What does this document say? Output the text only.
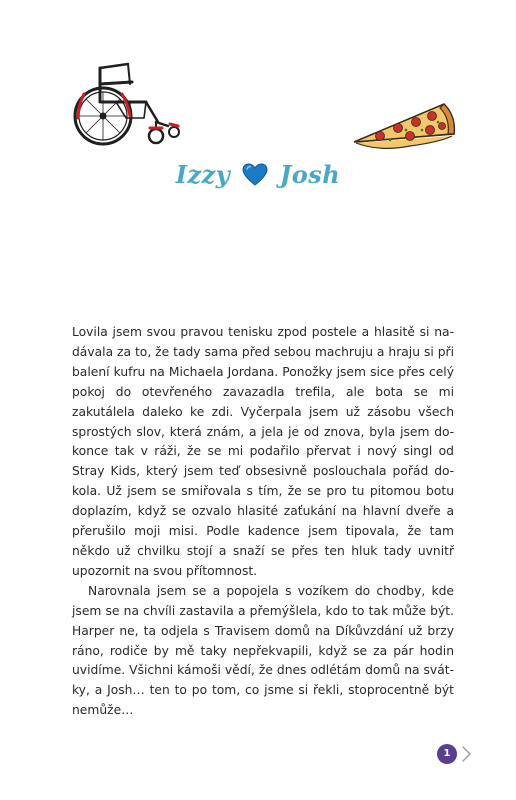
Izzy Josh

Lovila jsem svou pravou tenisku zpod postele a hlasitě si nadávala za to, že tady sama před sebou machruju a hraju si při balení kufru na Michaela Jordana. Ponožky jsem sice přes celý pokoj do otevřeného zavazadla trefila, ale bota se mi zakutálela daleko ke zdi. Vyčerpala jsem už zásobu všech sprostých slov, která znám, a jela je od znova, byla jsem dokonce tak v ráži, že se mi podařilo přervat i nový singl od Stray Kids, který jsem teď obsesivně poslouchala pořád dokola. Už jsem se smiřovala s tím, že se pro tu pitomou botu doplazím, když se ozvalo hlasité zaťukání na hlavní dveře a přerušilo moji misi. Podle kadence jsem tipovala, že tam někdo už chvilku stojí a snaží se přes ten hluk tady uvnitř upozornit na svou přítomnost.

Narovnala jsem se a popojela s vozíkem do chodby, kde jsem se na chvíli zastavila a přemýšlela, kdo to tak může být. Harper ne, ta odjela s Travisem domů na Díkůvzdání už brzy ráno, rodiče by mě taky nepřekvapili, když se za pár hodin uvidíme. Všichni kámoši vědí, že dnes odlétám domů na svátky, a Josh… ten to po tom, co jsme si řekli, stoprocentně být nemůže…

1
